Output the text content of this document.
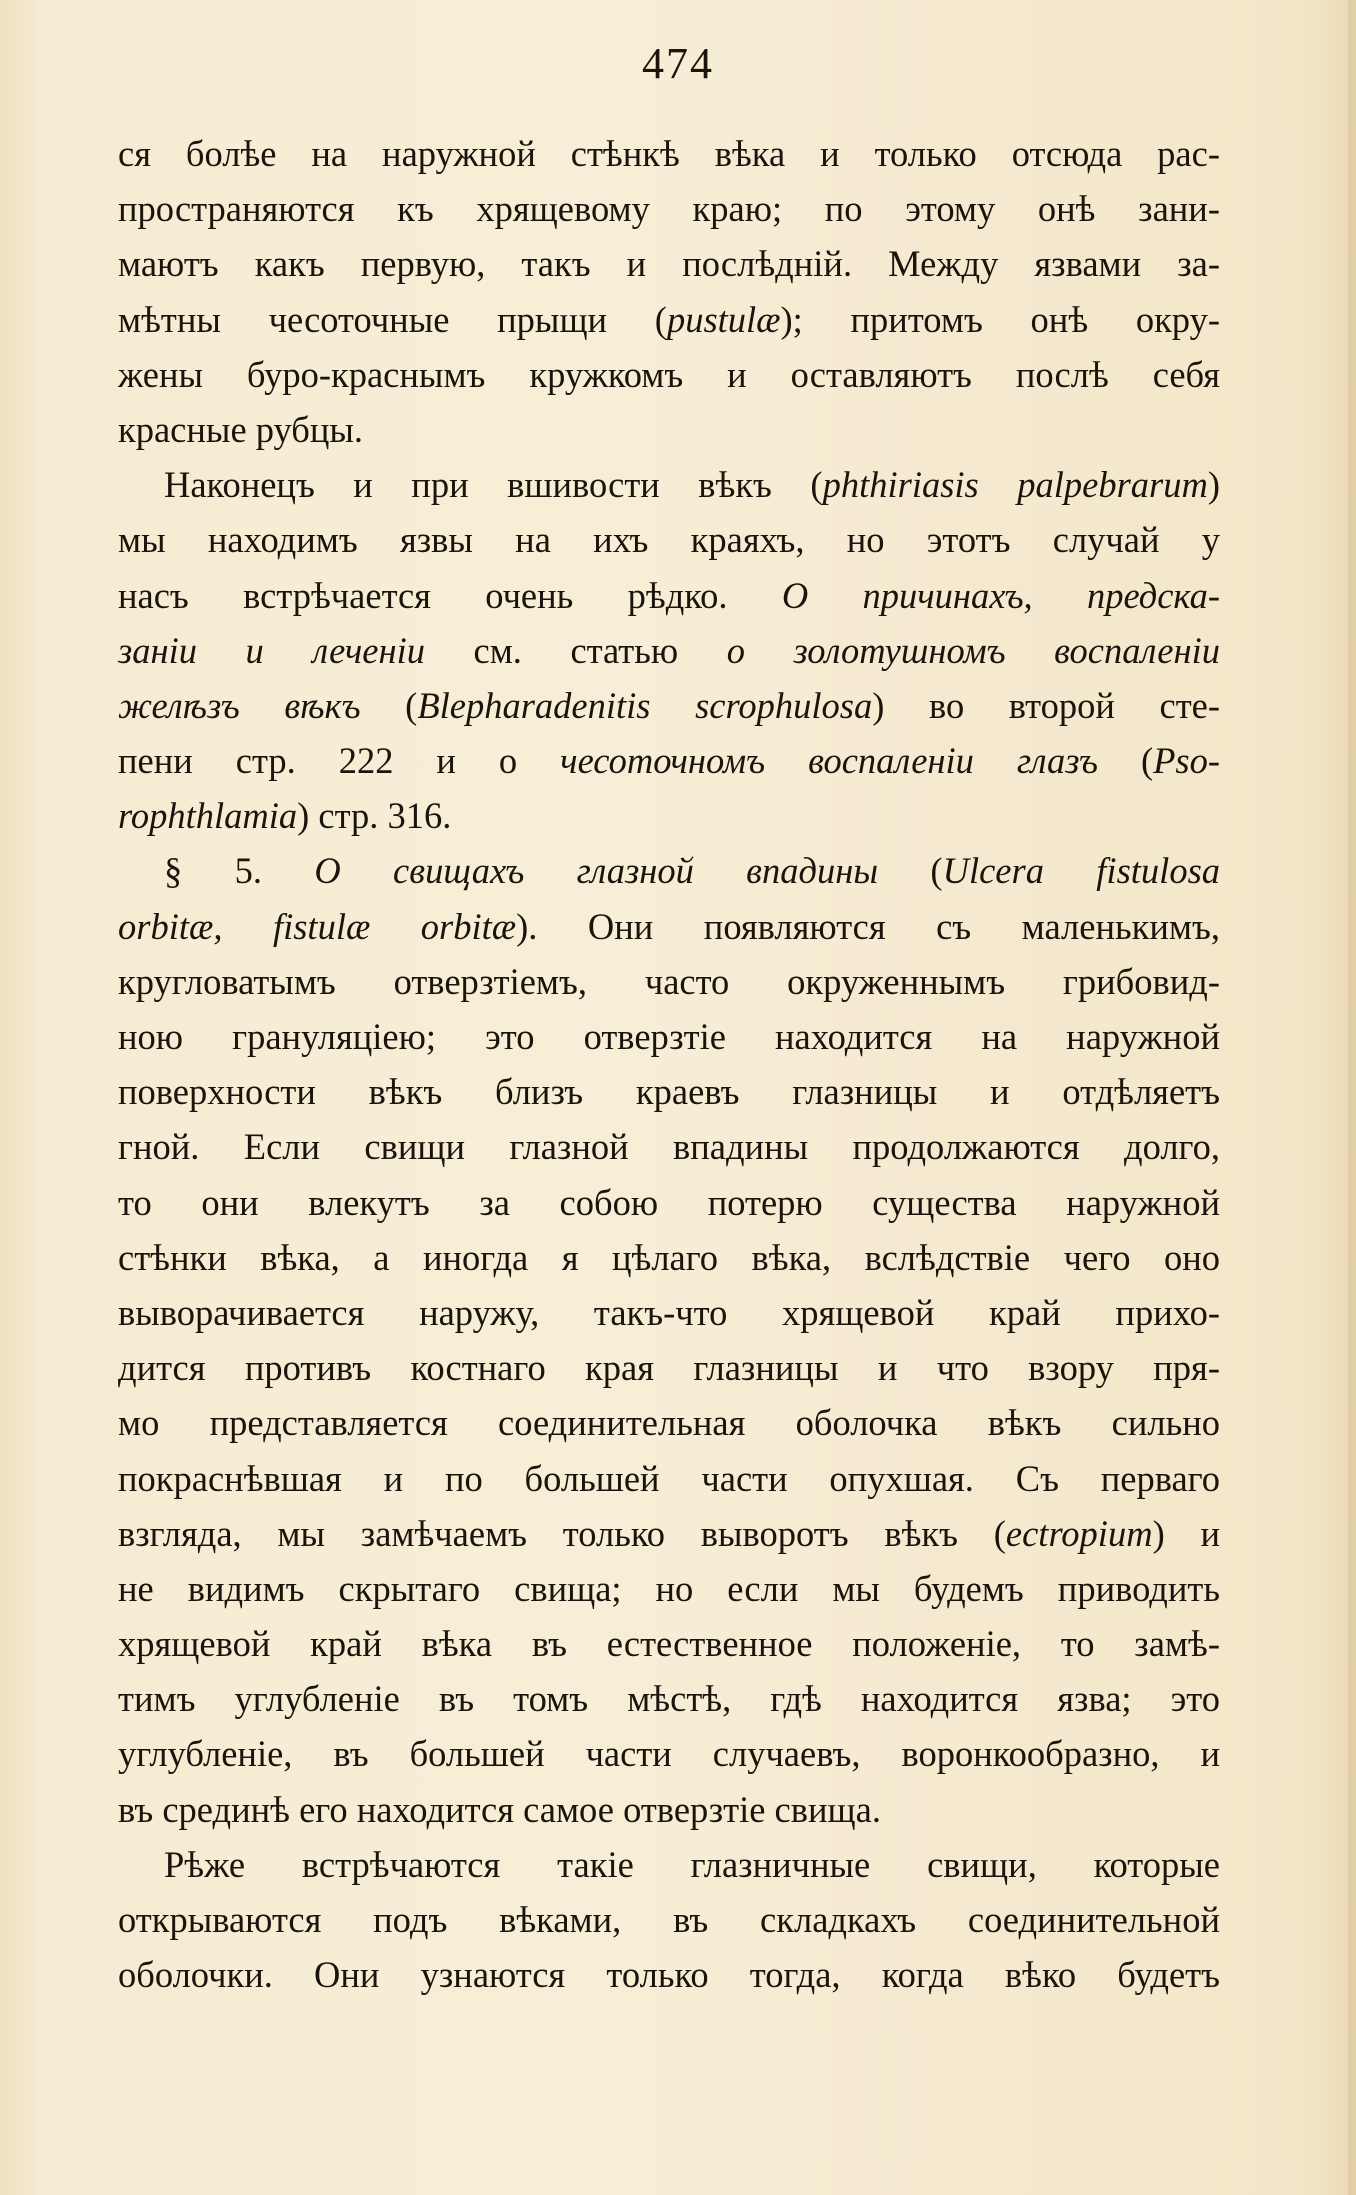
474
ся болѣе на наружной стѣнкѣ вѣка и только отсюда рас-
пространяются къ хрящевому краю; по этому онѣ зани-
маютъ какъ первую, такъ и послѣдній. Между язвами за-
мѣтны чесоточные прыщи (pustulæ); притомъ онѣ окру-
жены буро-краснымъ кружкомъ и оставляютъ послѣ себя
красные рубцы.
Наконецъ и при вшивости вѣкъ (phthiriasis palpebrarum)
мы находимъ язвы на ихъ краяхъ, но этотъ случай у
насъ встрѣчается очень рѣдко. О причинахъ, предска-
заніи и леченіи см. статью о золотушномъ воспаленіи
желѣзъ вѣкъ (Blepharadenitis scrophulosa) во второй сте-
пени стр. 222 и о чесоточномъ воспаленіи глазъ (Pso-
rophthlamia) стр. 316.
§ 5. О свищахъ глазной впадины (Ulcera fistulosa
orbitæ, fistulæ orbitæ). Они появляются съ маленькимъ,
кругловатымъ отверзтіемъ, часто окруженнымъ грибовид-
ною грануляціею; это отверзтіе находится на наружной
поверхности вѣкъ близъ краевъ глазницы и отдѣляетъ
гной. Если свищи глазной впадины продолжаются долго,
то они влекутъ за собою потерю существа наружной
стѣнки вѣка, а иногда я цѣлаго вѣка, вслѣдствіе чего оно
выворачивается наружу, такъ-что хрящевой край прихо-
дится противъ костнаго края глазницы и что взору пря-
мо представляется соединительная оболочка вѣкъ сильно
покраснѣвшая и по большей части опухшая. Съ перваго
взгляда, мы замѣчаемъ только выворотъ вѣкъ (ectropium) и
не видимъ скрытаго свища; но если мы будемъ приводить
хрящевой край вѣка въ естественное положеніе, то замѣ-
тимъ углубленіе въ томъ мѣстѣ, гдѣ находится язва; это
углубленіе, въ большей части случаевъ, воронкообразно, и
въ срединѣ его находится самое отверзтіе свища.
Рѣже встрѣчаются такіе глазничные свищи, которые
открываются подъ вѣками, въ складкахъ соединительной
оболочки. Они узнаются только тогда, когда вѣко будетъ
